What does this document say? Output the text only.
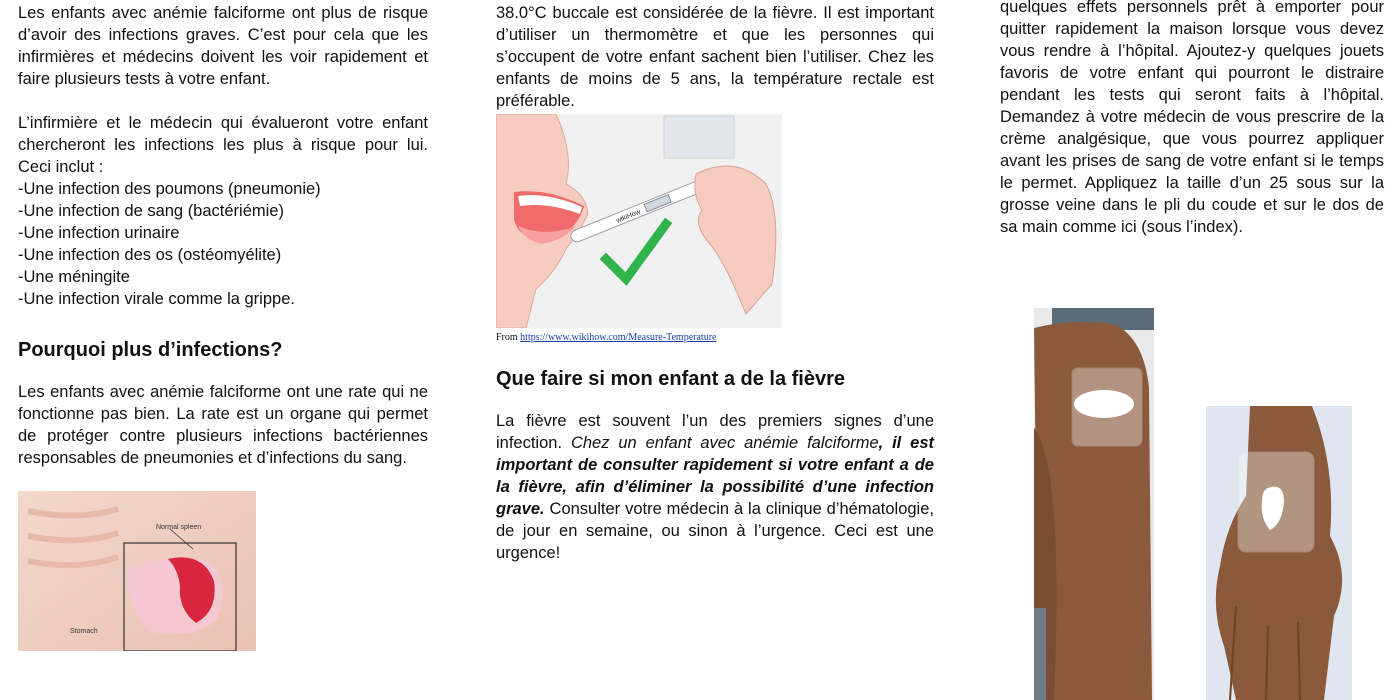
Les enfants avec anémie falciforme ont plus de risque d’avoir des infections graves. C’est pour cela que les infirmières et médecins doivent les voir rapidement et faire plusieurs tests à votre enfant.

L’infirmière et le médecin qui évalueront votre enfant chercheront les infections les plus à risque pour lui. Ceci inclut :

-Une infection des poumons (pneumonie)
-Une infection de sang (bactériémie)
-Une infection urinaire
-Une infection des os (ostéomyélite)
-Une méningite
-Une infection virale comme la grippe.
Pourquoi plus d’infections?

Les enfants avec anémie falciforme ont une rate qui ne fonctionne pas bien. La rate est un organe qui permet de protéger contre plusieurs infections bactériennes responsables de pneumonies et d’infections du sang.

Normal spleen
Stomach

38.0°C buccale est considérée de la fièvre. Il est important d’utiliser un thermomètre et que les personnes qui s’occupent de votre enfant sachent bien l’utiliser. Chez les enfants de moins de 5 ans, la température rectale est préférable.

wikiHow
From https://www.wikihow.com/Measure-Temperature
Que faire si mon enfant a de la fièvre

La fièvre est souvent l’un des premiers signes d’une infection. Chez un enfant avec anémie falciforme, il est important de consulter rapidement si votre enfant a de la fièvre, afin d’éliminer la possibilité d’une infection grave. Consulter votre médecin à la clinique d’hématologie, de jour en semaine, ou sinon à l’urgence. Ceci est une urgence!

quelques effets personnels prêt à emporter pour quitter rapidement la maison lorsque vous devez vous rendre à l’hôpital. Ajoutez-y quelques jouets favoris de votre enfant qui pourront le distraire pendant les tests qui seront faits à l’hôpital. Demandez à votre médecin de vous prescrire de la crème analgésique, que vous pourrez appliquer avant les prises de sang de votre enfant si le temps le permet. Appliquez la taille d’un 25 sous sur la grosse veine dans le pli du coude et sur le dos de sa main comme ici (sous l’index).
